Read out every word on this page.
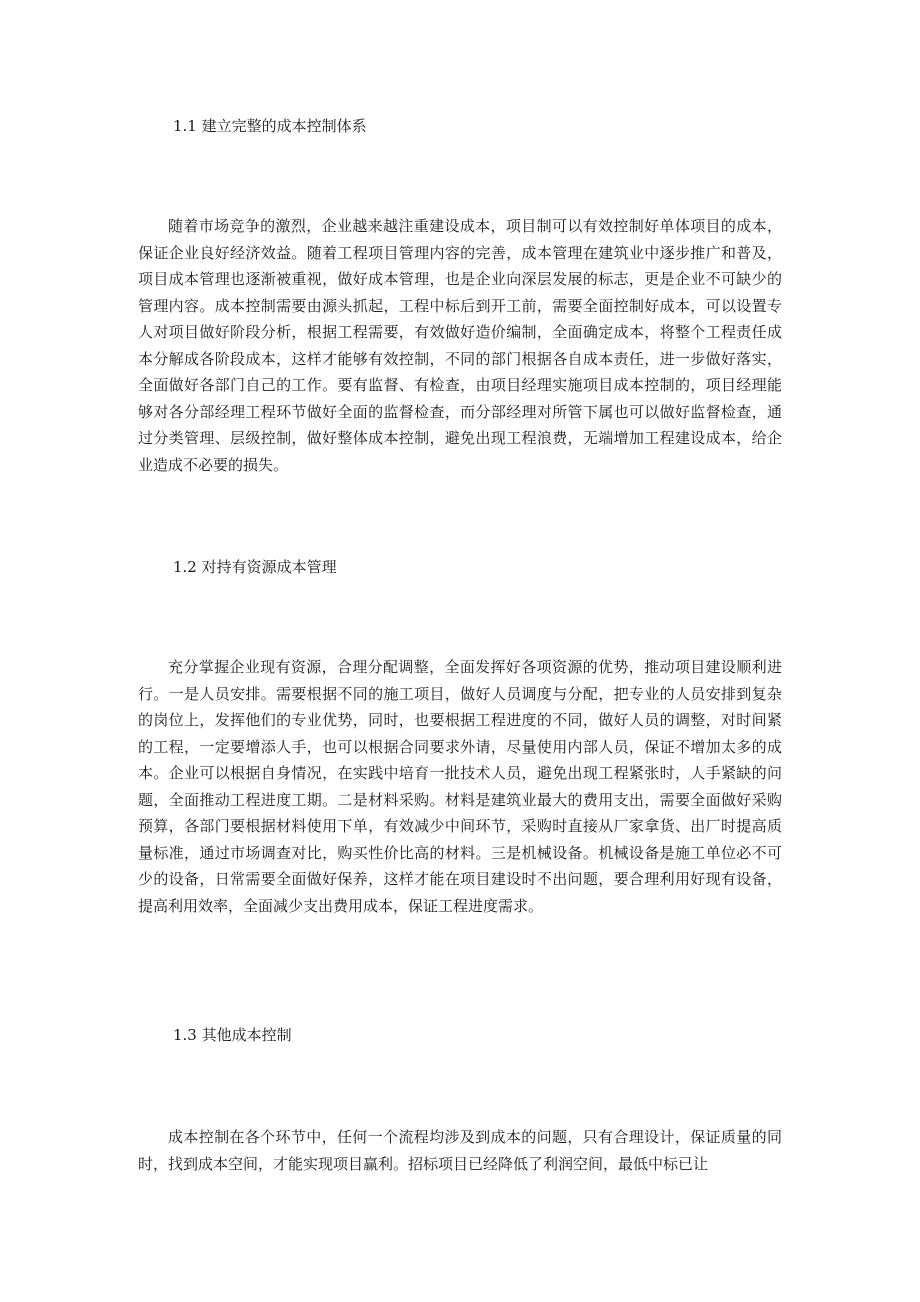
1.1 建立完整的成本控制体系

随着市场竞争的激烈，企业越来越注重建设成本，项目制可以有效控制好单体项目的成本，保证企业良好经济效益。随着工程项目管理内容的完善，成本管理在建筑业中逐步推广和普及，项目成本管理也逐渐被重视，做好成本管理，也是企业向深层发展的标志，更是企业不可缺少的管理内容。成本控制需要由源头抓起，工程中标后到开工前，需要全面控制好成本，可以设置专人对项目做好阶段分析，根据工程需要，有效做好造价编制，全面确定成本，将整个工程责任成本分解成各阶段成本，这样才能够有效控制，不同的部门根据各自成本责任，进一步做好落实，全面做好各部门自己的工作。要有监督、有检查，由项目经理实施项目成本控制的，项目经理能够对各分部经理工程环节做好全面的监督检查，而分部经理对所管下属也可以做好监督检查，通过分类管理、层级控制，做好整体成本控制，避免出现工程浪费，无端增加工程建设成本，给企业造成不必要的损失。

1.2 对持有资源成本管理

充分掌握企业现有资源，合理分配调整，全面发挥好各项资源的优势，推动项目建设顺利进行。一是人员安排。需要根据不同的施工项目，做好人员调度与分配，把专业的人员安排到复杂的岗位上，发挥他们的专业优势，同时，也要根据工程进度的不同，做好人员的调整，对时间紧的工程，一定要增添人手，也可以根据合同要求外请，尽量使用内部人员，保证不增加太多的成本。企业可以根据自身情况，在实践中培育一批技术人员，避免出现工程紧张时，人手紧缺的问题，全面推动工程进度工期。二是材料采购。材料是建筑业最大的费用支出，需要全面做好采购预算，各部门要根据材料使用下单，有效减少中间环节，采购时直接从厂家拿货、出厂时提高质量标准，通过市场调查对比，购买性价比高的材料。三是机械设备。机械设备是施工单位必不可少的设备，日常需要全面做好保养，这样才能在项目建设时不出问题，要合理利用好现有设备，提高利用效率，全面减少支出费用成本，保证工程进度需求。

1.3 其他成本控制

成本控制在各个环节中，任何一个流程均涉及到成本的问题，只有合理设计，保证质量的同时，找到成本空间，才能实现项目赢利。招标项目已经降低了利润空间，最低中标已让
